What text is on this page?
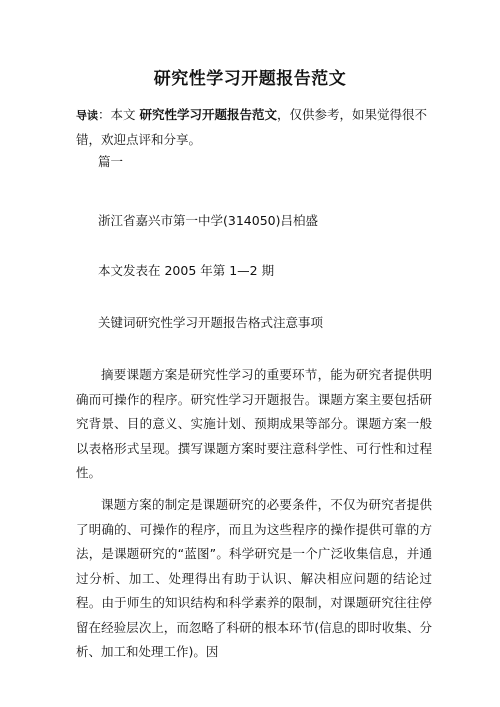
研究性学习开题报告范文
导读：本文 研究性学习开题报告范文，仅供参考，如果觉得很不错，欢迎点评和分享。
篇一
浙江省嘉兴市第一中学(314050)吕柏盛
本文发表在 2005 年第 1—2 期
关键词研究性学习开题报告格式注意事项
摘要课题方案是研究性学习的重要环节，能为研究者提供明确而可操作的程序。研究性学习开题报告。课题方案主要包括研究背景、目的意义、实施计划、预期成果等部分。课题方案一般以表格形式呈现。撰写课题方案时要注意科学性、可行性和过程性。
课题方案的制定是课题研究的必要条件，不仅为研究者提供了明确的、可操作的程序，而且为这些程序的操作提供可靠的方法，是课题研究的“蓝图”。科学研究是一个广泛收集信息，并通过分析、加工、处理得出有助于认识、解决相应问题的结论过程。由于师生的知识结构和科学素养的限制，对课题研究往往停留在经验层次上，而忽略了科研的根本环节(信息的即时收集、分析、加工和处理工作)。因
